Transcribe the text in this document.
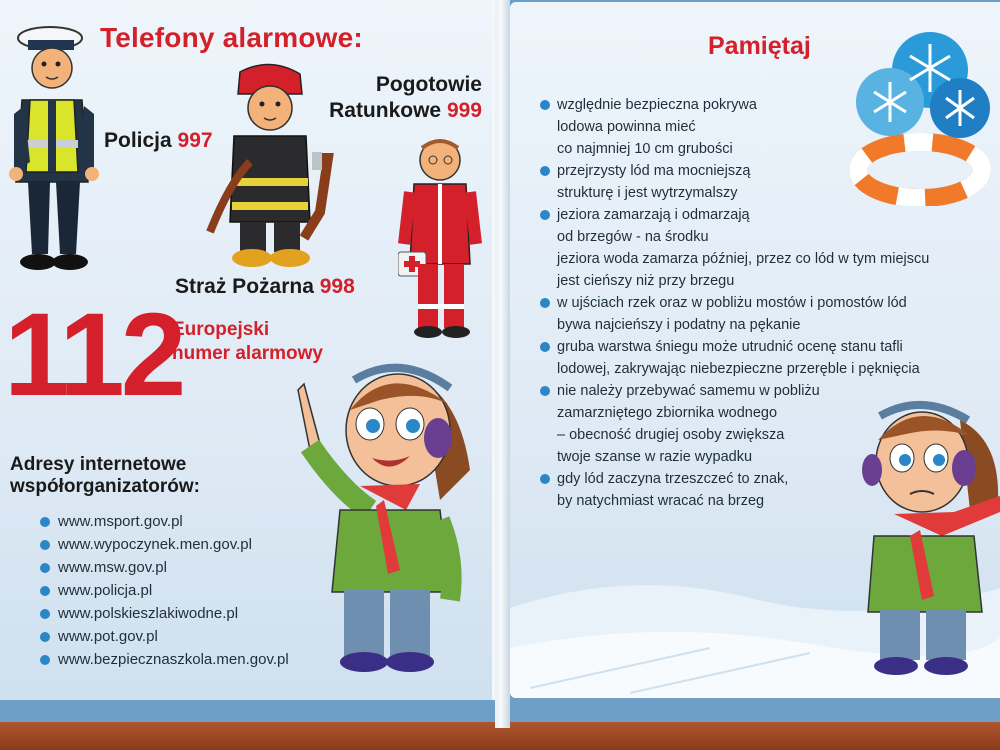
Telefony alarmowe:
Policja 997
Pogotowie
Ratunkowe 999
Straż Pożarna 998
112
Europejski
numer alarmowy
Adresy internetowe
współorganizatorów:
www.msport.gov.pl
www.wypoczynek.men.gov.pl
www.msw.gov.pl
www.policja.pl
www.polskieszlakiwodne.pl
www.pot.gov.pl
www.bezpiecznaszkola.men.gov.pl
Pamiętaj
względnie bezpieczna pokrywa
lodowa powinna mieć
co najmniej 10 cm grubości
przejrzysty lód ma mocniejszą
strukturę i jest wytrzymalszy
jeziora zamarzają i odmarzają
od brzegów - na środku
jeziora woda zamarza później, przez co lód w tym miejscu
jest cieńszy niż przy brzegu
w ujściach rzek oraz w pobliżu mostów i pomostów lód
bywa najcieńszy i podatny na pękanie
gruba warstwa śniegu może utrudnić ocenę stanu tafli
lodowej, zakrywając niebezpieczne przeręble i pęknięcia
nie należy przebywać samemu w pobliżu
zamarzniętego zbiornika wodnego
– obecność drugiej osoby zwiększa
twoje szanse w razie wypadku
gdy lód zaczyna trzeszczeć to znak,
by natychmiast wracać na brzeg
